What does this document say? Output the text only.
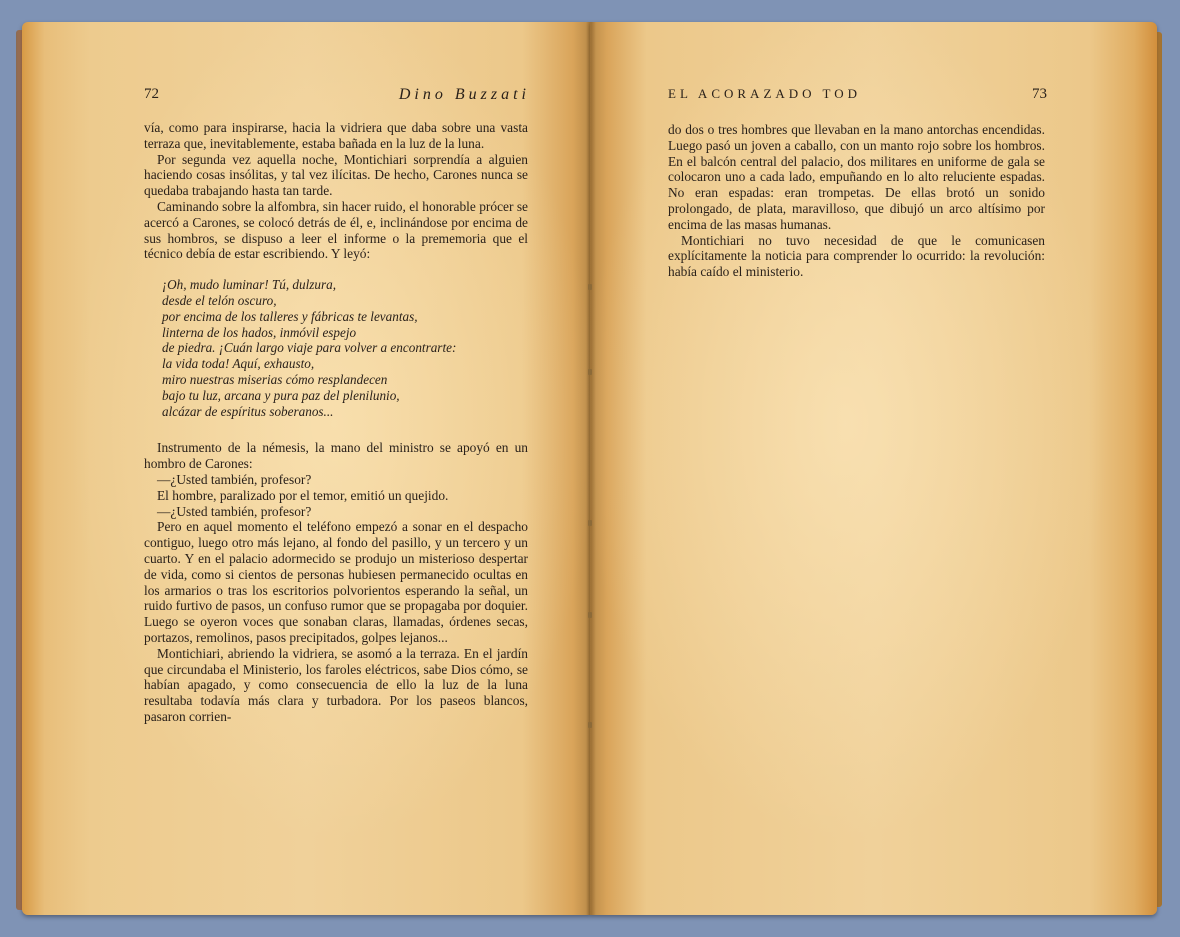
72	Dino Buzzati

vía, como para inspirarse, hacia la vidriera que daba sobre una vasta terraza que, inevitablemente, estaba bañada en la luz de la luna.

Por segunda vez aquella noche, Montichiari sorprendía a alguien haciendo cosas insólitas, y tal vez ilícitas. De hecho, Carones nunca se quedaba trabajando hasta tan tarde.

Caminando sobre la alfombra, sin hacer ruido, el honorable prócer se acercó a Carones, se colocó detrás de él, e, inclinándose por encima de sus hombros, se dispuso a leer el informe o la prememoria que el técnico debía de estar escribiendo. Y leyó:

¡Oh, mudo luminar! Tú, dulzura,
desde el telón oscuro,
por encima de los talleres y fábricas te levantas,
linterna de los hados, inmóvil espejo
de piedra. ¡Cuán largo viaje para volver a encontrarte:
la vida toda! Aquí, exhausto,
miro nuestras miserias cómo resplandecen
bajo tu luz, arcana y pura paz del plenilunio,
alcázar de espíritus soberanos...

Instrumento de la némesis, la mano del ministro se apoyó en un hombro de Carones:

—¿Usted también, profesor?

El hombre, paralizado por el temor, emitió un quejido.

—¿Usted también, profesor?

Pero en aquel momento el teléfono empezó a sonar en el despacho contiguo, luego otro más lejano, al fondo del pasillo, y un tercero y un cuarto. Y en el palacio adormecido se produjo un misterioso despertar de vida, como si cientos de personas hubiesen permanecido ocultas en los armarios o tras los escritorios polvorientos esperando la señal, un ruido furtivo de pasos, un confuso rumor que se propagaba por doquier. Luego se oyeron voces que sonaban claras, llamadas, órdenes secas, portazos, remolinos, pasos precipitados, golpes lejanos...

Montichiari, abriendo la vidriera, se asomó a la terraza. En el jardín que circundaba el Ministerio, los faroles eléctricos, sabe Dios cómo, se habían apagado, y como consecuencia de ello la luz de la luna resultaba todavía más clara y turbadora. Por los paseos blancos, pasaron corrien-

EL ACORAZADO TOD	73

do dos o tres hombres que llevaban en la mano antorchas encendidas. Luego pasó un joven a caballo, con un manto rojo sobre los hombros. En el balcón central del palacio, dos militares en uniforme de gala se colocaron uno a cada lado, empuñando en lo alto reluciente espadas. No eran espadas: eran trompetas. De ellas brotó un sonido prolongado, de plata, maravilloso, que dibujó un arco altísimo por encima de las masas humanas.

Montichiari no tuvo necesidad de que le comunicasen explícitamente la noticia para comprender lo ocurrido: la revolución: había caído el ministerio.
